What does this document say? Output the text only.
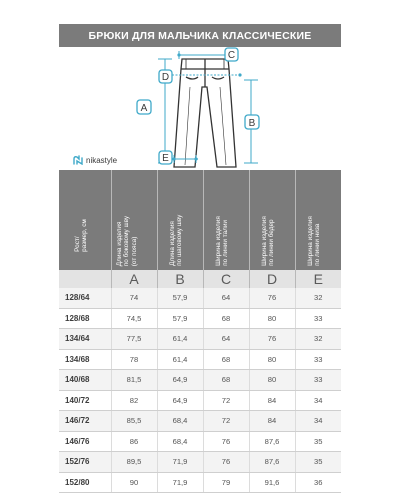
БРЮКИ ДЛЯ МАЛЬЧИКА КЛАССИЧЕСКИЕ
A
B
C
D
E
nikastyle
Рост/
размер, см	Длина изделия
по боковому шву
(от пояса)	Длина изделия
по шаговому шву	Ширина изделия
по линии талии	Ширина изделия
по линии бедер	Ширина изделия
по линии низа

	A	B	C	D	E
128/64	74	57,9	64	76	32
128/68	74,5	57,9	68	80	33
134/64	77,5	61,4	64	76	32
134/68	78	61,4	68	80	33
140/68	81,5	64,9	68	80	33
140/72	82	64,9	72	84	34
146/72	85,5	68,4	72	84	34
146/76	86	68,4	76	87,6	35
152/76	89,5	71,9	76	87,6	35
152/80	90	71,9	79	91,6	36
